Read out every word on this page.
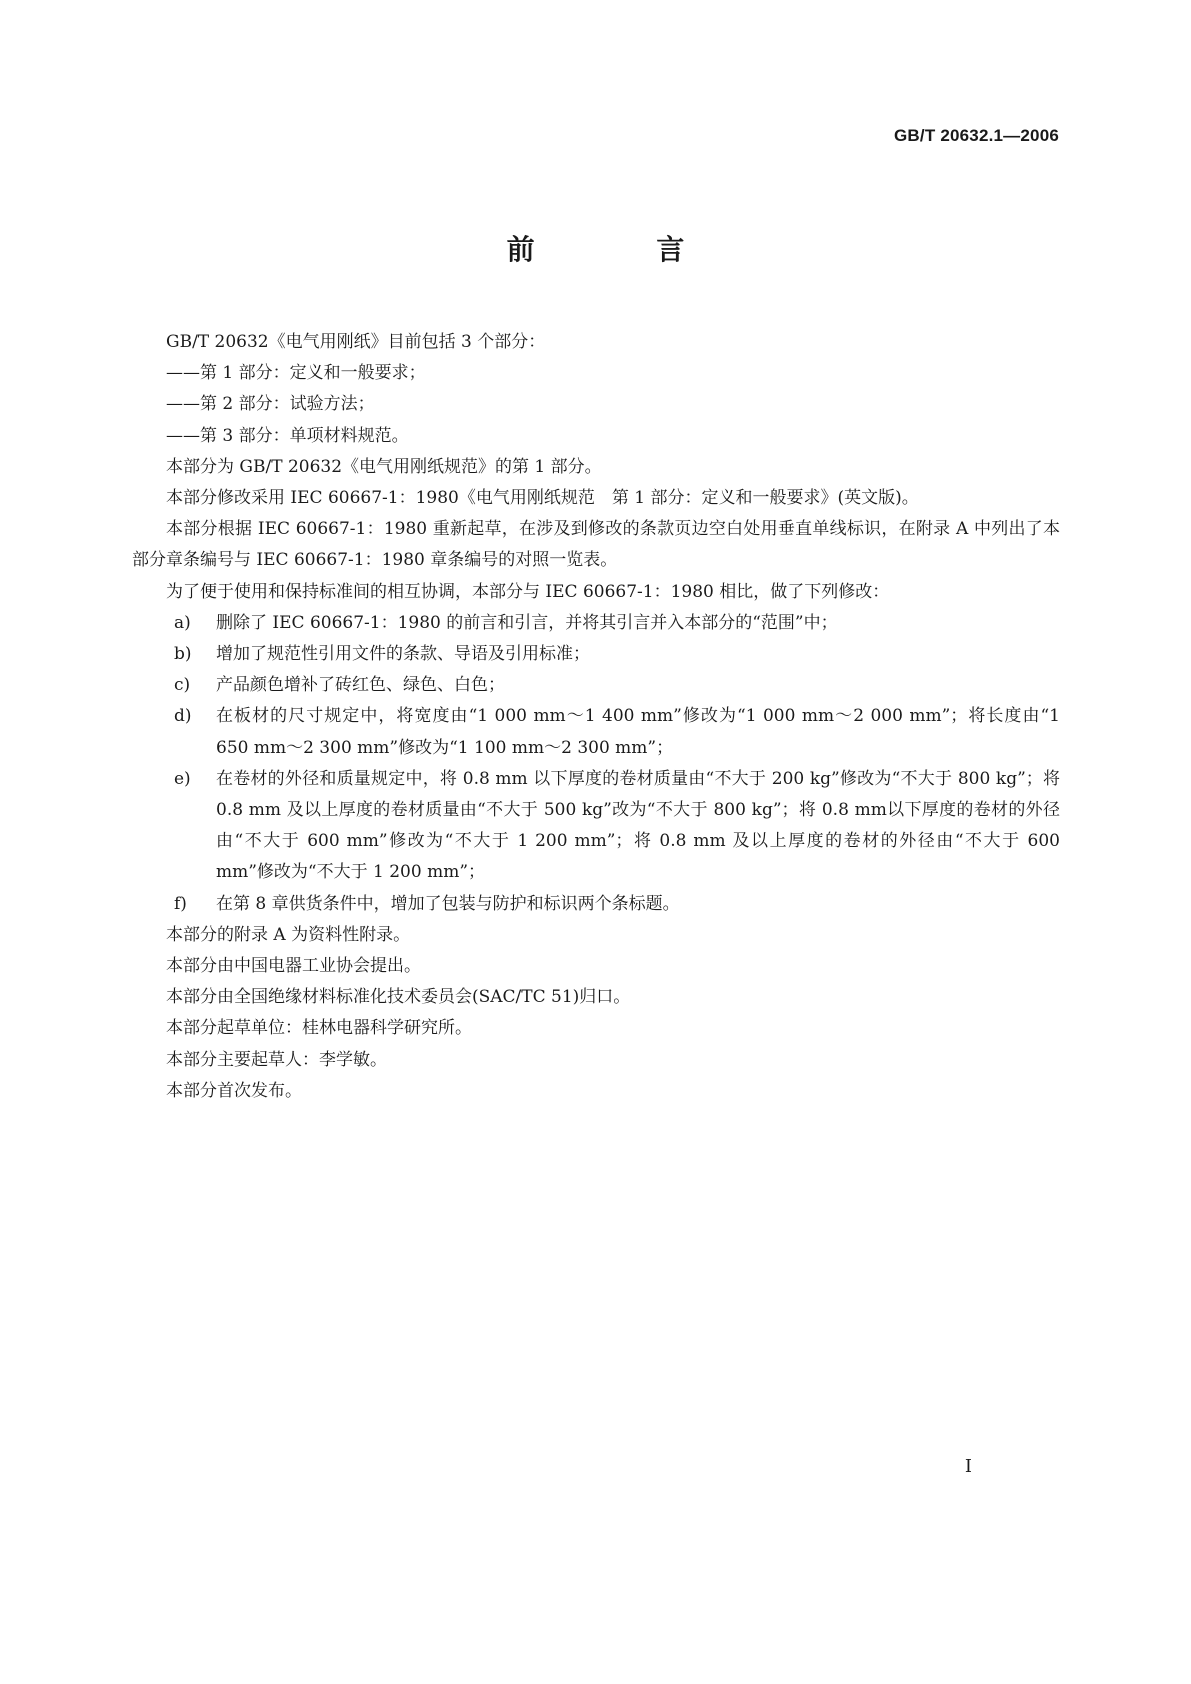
GB/T 20632.1—2006
前 言

GB/T 20632《电气用刚纸》目前包括 3 个部分：

——第 1 部分：定义和一般要求；

——第 2 部分：试验方法；

——第 3 部分：单项材料规范。

本部分为 GB/T 20632《电气用刚纸规范》的第 1 部分。

本部分修改采用 IEC 60667-1：1980《电气用刚纸规范　第 1 部分：定义和一般要求》(英文版)。

本部分根据 IEC 60667-1：1980 重新起草，在涉及到修改的条款页边空白处用垂直单线标识，在附录 A 中列出了本部分章条编号与 IEC 60667-1：1980 章条编号的对照一览表。

为了便于使用和保持标准间的相互协调，本部分与 IEC 60667-1：1980 相比，做了下列修改：

a) 删除了 IEC 60667-1：1980 的前言和引言，并将其引言并入本部分的“范围”中；
b) 增加了规范性引用文件的条款、导语及引用标准；
c) 产品颜色增补了砖红色、绿色、白色；
d) 在板材的尺寸规定中，将宽度由“1 000 mm～1 400 mm”修改为“1 000 mm～2 000 mm”；将长度由“1 650 mm～2 300 mm”修改为“1 100 mm～2 300 mm”；
e) 在卷材的外径和质量规定中，将 0.8 mm 以下厚度的卷材质量由“不大于 200 kg”修改为“不大于 800 kg”；将 0.8 mm 及以上厚度的卷材质量由“不大于 500 kg”改为“不大于 800 kg”；将 0.8 mm以下厚度的卷材的外径由“不大于 600 mm”修改为“不大于 1 200 mm”；将 0.8 mm 及以上厚度的卷材的外径由“不大于 600 mm”修改为“不大于 1 200 mm”；
f) 在第 8 章供货条件中，增加了包装与防护和标识两个条标题。

本部分的附录 A 为资料性附录。

本部分由中国电器工业协会提出。

本部分由全国绝缘材料标准化技术委员会(SAC/TC 51)归口。

本部分起草单位：桂林电器科学研究所。

本部分主要起草人：李学敏。

本部分首次发布。

Ⅰ
